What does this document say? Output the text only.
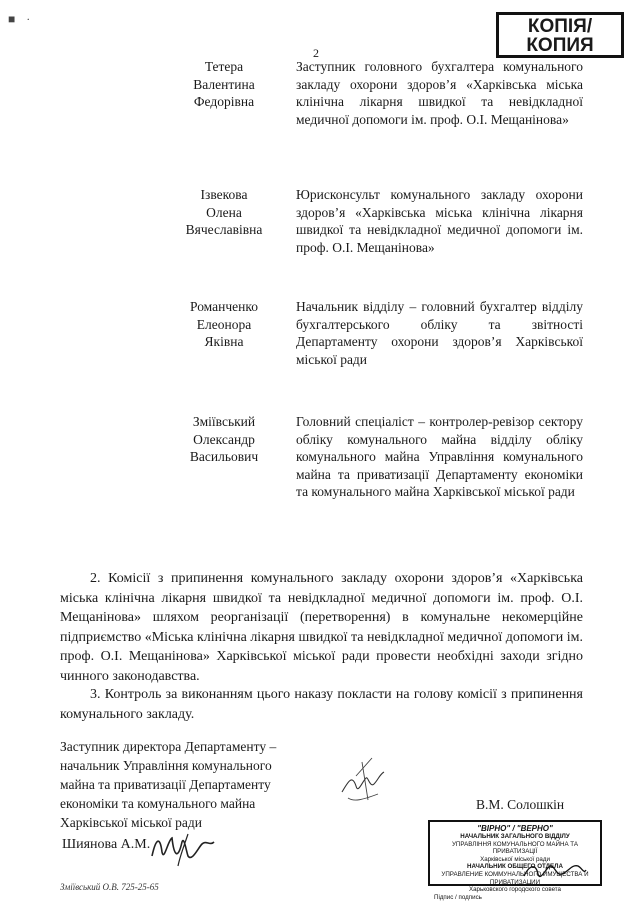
■ ·
2
КОПІЯ/
КОПИЯ
Тетера
Валентина
Федорівна
Заступник головного бухгалтера комунального закладу охорони здоров’я «Харківська міська клінічна лікарня швидкої та невідкладної медичної допомоги ім. проф. О.І. Мещанінова»
Ізвекова
Олена
Вячеславівна
Юрисконсульт комунального закладу охорони здоров’я «Харківська міська клінічна лікарня швидкої та невідкладної медичної допомоги ім. проф. О.І. Мещанінова»
Романченко
Елеонора
Яківна
Начальник відділу – головний бухгалтер відділу бухгалтерського обліку та звітності Департаменту охорони здоров’я Харківської міської ради
Зміївський
Олександр
Васильович
Головний спеціаліст – контролер-ревізор сектору обліку комунального майна відділу обліку комунального майна Управління комунального майна та приватизації Департаменту економіки та комунального майна Харківської міської ради
2. Комісії з припинення комунального закладу охорони здоров’я «Харківська міська клінічна лікарня швидкої та невідкладної медичної допомоги ім. проф. О.І. Мещанінова» шляхом реорганізації (перетворення) в комунальне некомерційне підприємство «Міська клінічна лікарня швидкої та невідкладної медичної допомоги ім. проф. О.І. Мещанінова» Харківської міської ради провести необхідні заходи згідно чинного законодавства.
3. Контроль за виконанням цього наказу покласти на голову комісії з припинення комунального закладу.
Заступник директора Департаменту –
начальник Управління комунального
майна та приватизації Департаменту
економіки та комунального майна
Харківської міської ради
В.М. Солошкін
Шиянова А.М.
Зміївський О.В. 725-25-65
"ВІРНО" / "ВЕРНО"
НАЧАЛЬНИК ЗАГАЛЬНОГО ВІДДІЛУ
УПРАВЛІННЯ КОМУНАЛЬНОГО МАЙНА ТА ПРИВАТИЗАЦІЇ
Харківської міської ради
НАЧАЛЬНИК ОБЩЕГО ОТДЕЛА
УПРАВЛЕНИЕ КОММУНАЛЬНОГО ИМУЩЕСТВА И ПРИВАТИЗАЦИИ
Харьковского городского совета
Підпис / подпись
